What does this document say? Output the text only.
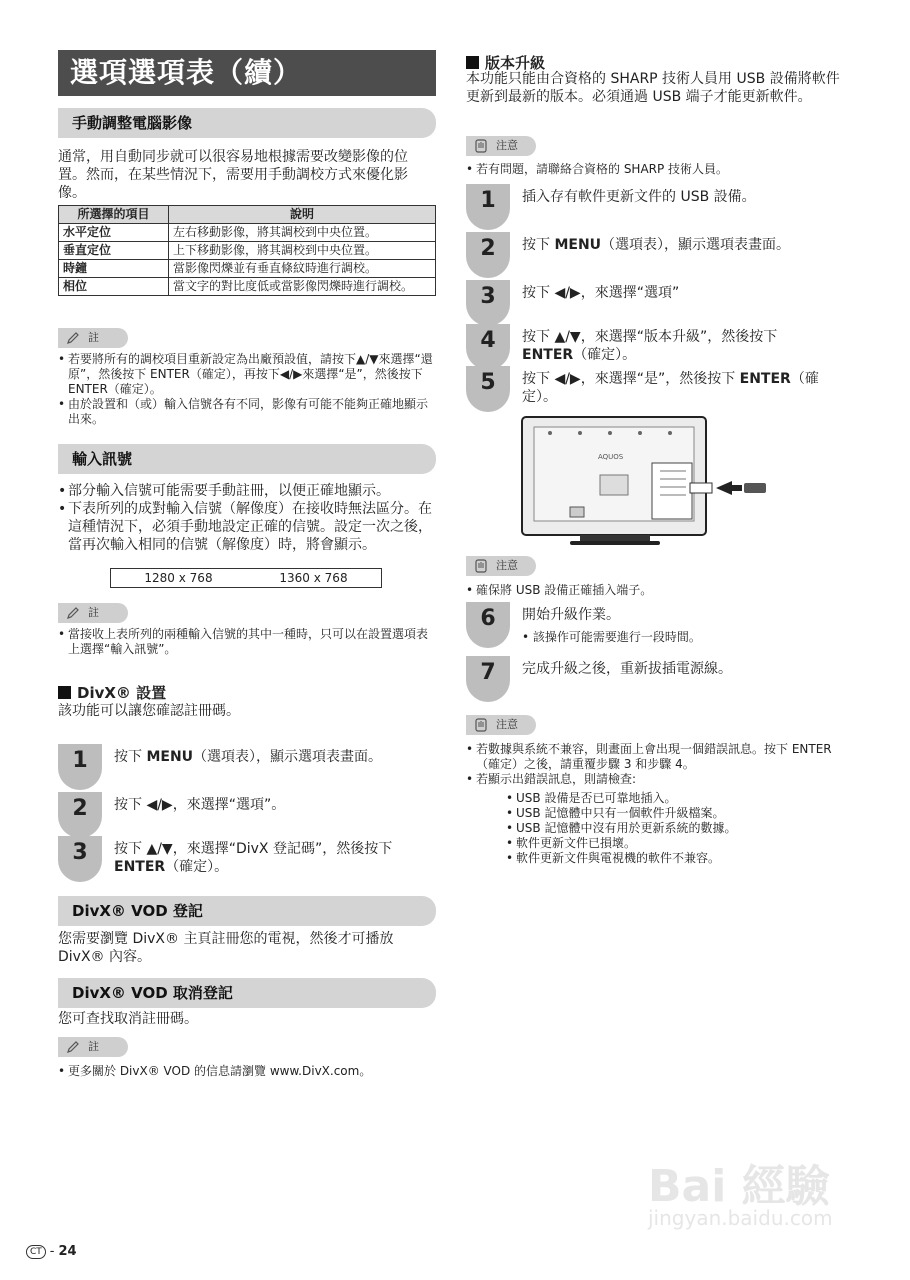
選項選項表（續）
手動調整電腦影像
通常，用自動同步就可以很容易地根據需要改變影像的位置。然而，在某些情況下，需要用手動調校方式來優化影像。
所選擇的項目	說明
水平定位	左右移動影像，將其調校到中央位置。
垂直定位	上下移動影像，將其調校到中央位置。
時鐘	當影像閃爍並有垂直條紋時進行調校。
相位	當文字的對比度低或當影像閃爍時進行調校。
註
• 若要將所有的調校項目重新設定為出廠預設值，請按下▲/▼來選擇“還原”，然後按下 ENTER（確定），再按下◀/▶來選擇“是”，然後按下 ENTER（確定）。
• 由於設置和（或）輸入信號各有不同，影像有可能不能夠正確地顯示出來。
輸入訊號
• 部分輸入信號可能需要手動註冊，以便正確地顯示。
• 下表所列的成對輸入信號（解像度）在接收時無法區分。在這種情況下，必須手動地設定正確的信號。設定一次之後，當再次輸入相同的信號（解像度）時，將會顯示。
1280 x 768	1360 x 768
註
• 當接收上表所列的兩種輸入信號的其中一種時，只可以在設置選項表上選擇“輸入訊號”。
DivX® 設置
該功能可以讓您確認註冊碼。
1	按下 MENU（選項表），顯示選項表畫面。
2	按下 ◀/▶，來選擇“選項”。
3	按下 ▲/▼，來選擇“DivX 登記碼”，然後按下 ENTER（確定）。
DivX® VOD 登記
您需要瀏覽 DivX® 主頁註冊您的電視，然後才可播放 DivX® 內容。
DivX® VOD 取消登記
您可查找取消註冊碼。
註
• 更多關於 DivX® VOD 的信息請瀏覽 www.DivX.com。
CT - 24
版本升級
本功能只能由合資格的 SHARP 技術人員用 USB 設備將軟件更新到最新的版本。必須通過 USB 端子才能更新軟件。
注意
• 若有問題，請聯絡合資格的 SHARP 技術人員。
1	插入存有軟件更新文件的 USB 設備。
2	按下 MENU（選項表），顯示選項表畫面。
3	按下 ◀/▶，來選擇“選項”
4	按下 ▲/▼，來選擇“版本升級”，然後按下 ENTER（確定）。
5	按下 ◀/▶，來選擇“是”，然後按下 ENTER（確定）。
AQUOS
注意
• 確保將 USB 設備正確插入端子。
6	開始升級作業。
• 該操作可能需要進行一段時間。
7	完成升級之後，重新拔插電源線。
注意
• 若數據與系統不兼容，則畫面上會出現一個錯誤訊息。按下 ENTER（確定）之後，請重覆步驟 3 和步驟 4。
• 若顯示出錯誤訊息，則請檢查:
• USB 設備是否已可靠地插入。
• USB 記憶體中只有一個軟件升級檔案。
• USB 記憶體中沒有用於更新系統的數據。
• 軟件更新文件已損壞。
• 軟件更新文件與電視機的軟件不兼容。
Bai 經驗
jingyan.baidu.com
